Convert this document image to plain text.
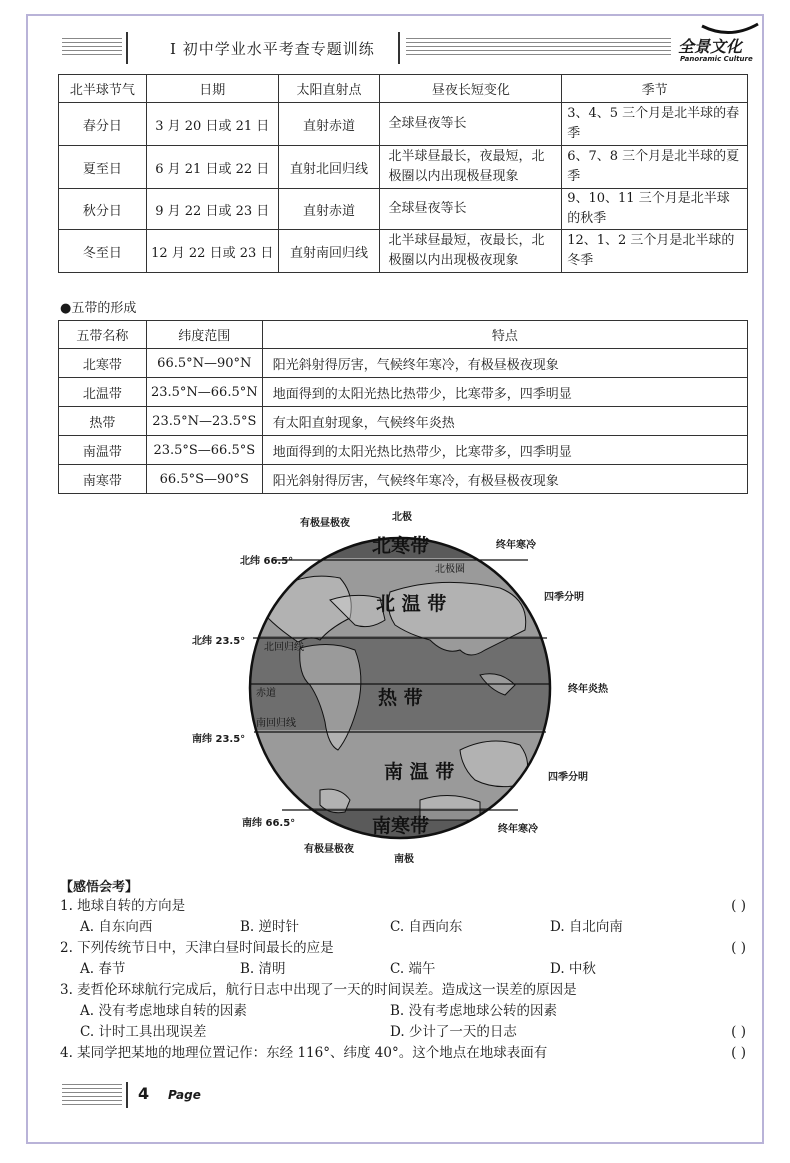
Ⅰ 初中学业水平考查专题训练	全景文化
Panoramic Culture
北半球节气	日期	太阳直射点	昼夜长短变化	季节
春分日	3 月 20 日或 21 日	直射赤道	全球昼夜等长	3、4、5 三个月是北半球的春季
夏至日	6 月 21 日或 22 日	直射北回归线	北半球昼最长，夜最短，北极圈以内出现极昼现象	6、7、8 三个月是北半球的夏季
秋分日	9 月 22 日或 23 日	直射赤道	全球昼夜等长	9、10、11 三个月是北半球的秋季
冬至日	12 月 22 日或 23 日	直射南回归线	北半球昼最短，夜最长，北极圈以内出现极夜现象	12、1、2 三个月是北半球的冬季
●五带的形成
五带名称	纬度范围	特点
北寒带	66.5°N—90°N	阳光斜射得厉害，气候终年寒冷，有极昼极夜现象
北温带	23.5°N—66.5°N	地面得到的太阳光热比热带少，比寒带多，四季明显
热带	23.5°N—23.5°S	有太阳直射现象，气候终年炎热
南温带	23.5°S—66.5°S	地面得到的太阳光热比热带少，比寒带多，四季明显
南寒带	66.5°S—90°S	阳光斜射得厉害，气候终年寒冷，有极昼极夜现象
北寒带
北 温 带
热 带
南 温 带
南寒带
北极圈
北回归线
赤道
南回归线
有极昼极夜
北极
终年寒冷
北纬 66.5°
四季分明
北纬 23.5°
终年炎热
南纬 23.5°
四季分明
南纬 66.5°
终年寒冷
有极昼极夜
南极
【感悟会考】
1. 地球自转的方向是	( )
A. 自东向西	B. 逆时针	C. 自西向东	D. 自北向南
2. 下列传统节日中，天津白昼时间最长的应是	( )
A. 春节	B. 清明	C. 端午	D. 中秋
3. 麦哲伦环球航行完成后，航行日志中出现了一天的时间误差。造成这一误差的原因是
A. 没有考虑地球自转的因素	B. 没有考虑地球公转的因素
C. 计时工具出现误差	D. 少计了一天的日志	( )
4. 某同学把某地的地理位置记作：东经 116°、纬度 40°。这个地点在地球表面有	( )
4 Page
